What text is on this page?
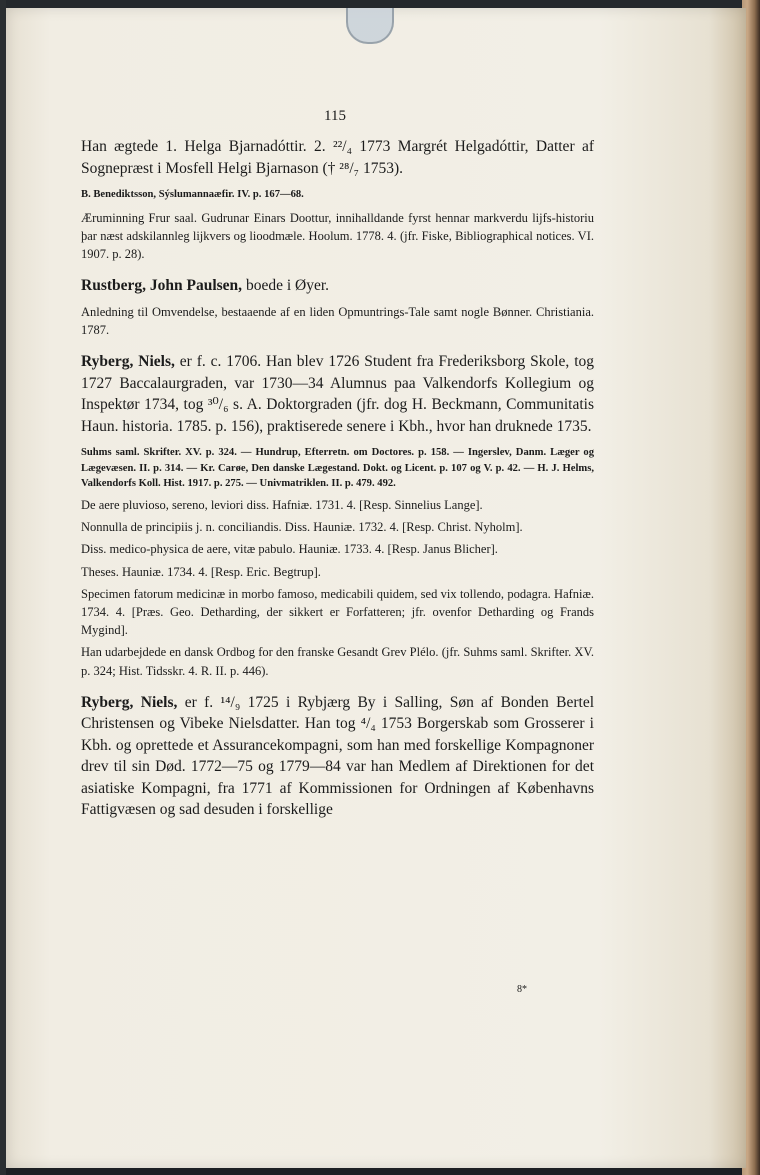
115

Han ægtede 1. Helga Bjarnadóttir. 2. ²²/₄ 1773 Margrét Helgadóttir, Datter af Sognepræst i Mosfell Helgi Bjarnason († ²⁸/₇ 1753).

B. Benediktsson, Sýslumannaæfir. IV. p. 167—68.

Æruminning Frur saal. Gudrunar Einars Doottur, innihalldande fyrst hennar markverdu lijfs-historiu þar næst adskilannleg lijkvers og lioodmæle. Hoolum. 1778. 4. (jfr. Fiske, Bibliographical notices. VI. 1907. p. 28).

Rustberg, John Paulsen, boede i Øyer.

Anledning til Omvendelse, bestaaende af en liden Opmuntrings-Tale samt nogle Bønner. Christiania. 1787.

Ryberg, Niels, er f. c. 1706. Han blev 1726 Student fra Frederiksborg Skole, tog 1727 Baccalaurgraden, var 1730—34 Alumnus paa Valkendorfs Kollegium og Inspektør 1734, tog ³⁰/₆ s. A. Doktorgraden (jfr. dog H. Beckmann, Communitatis Haun. historia. 1785. p. 156), praktiserede senere i Kbh., hvor han druknede 1735.

Suhms saml. Skrifter. XV. p. 324. — Hundrup, Efterretn. om Doctores. p. 158. — Ingerslev, Danm. Læger og Lægevæsen. II. p. 314. — Kr. Carøe, Den danske Lægestand. Dokt. og Licent. p. 107 og V. p. 42. — H. J. Helms, Valkendorfs Koll. Hist. 1917. p. 275. — Univmatriklen. II. p. 479. 492.

De aere pluvioso, sereno, leviori diss. Hafniæ. 1731. 4. [Resp. Sinnelius Lange].

Nonnulla de principiis j. n. conciliandis. Diss. Hauniæ. 1732. 4. [Resp. Christ. Nyholm].

Diss. medico-physica de aere, vitæ pabulo. Hauniæ. 1733. 4. [Resp. Janus Blicher].

Theses. Hauniæ. 1734. 4. [Resp. Eric. Begtrup].

Specimen fatorum medicinæ in morbo famoso, medicabili quidem, sed vix tollendo, podagra. Hafniæ. 1734. 4. [Præs. Geo. Detharding, der sikkert er Forfatteren; jfr. ovenfor Detharding og Frands Mygind].

Han udarbejdede en dansk Ordbog for den franske Gesandt Grev Plélo. (jfr. Suhms saml. Skrifter. XV. p. 324; Hist. Tidsskr. 4. R. II. p. 446).

Ryberg, Niels, er f. ¹⁴/₉ 1725 i Rybjærg By i Salling, Søn af Bonden Bertel Christensen og Vibeke Nielsdatter. Han tog ⁴/₄ 1753 Borgerskab som Grosserer i Kbh. og oprettede et Assurancekompagni, som han med forskellige Kompagnoner drev til sin Død. 1772—75 og 1779—84 var han Medlem af Direktionen for det asiatiske Kompagni, fra 1771 af Kommissionen for Ordningen af Københavns Fattigvæsen og sad desuden i forskellige

8*
